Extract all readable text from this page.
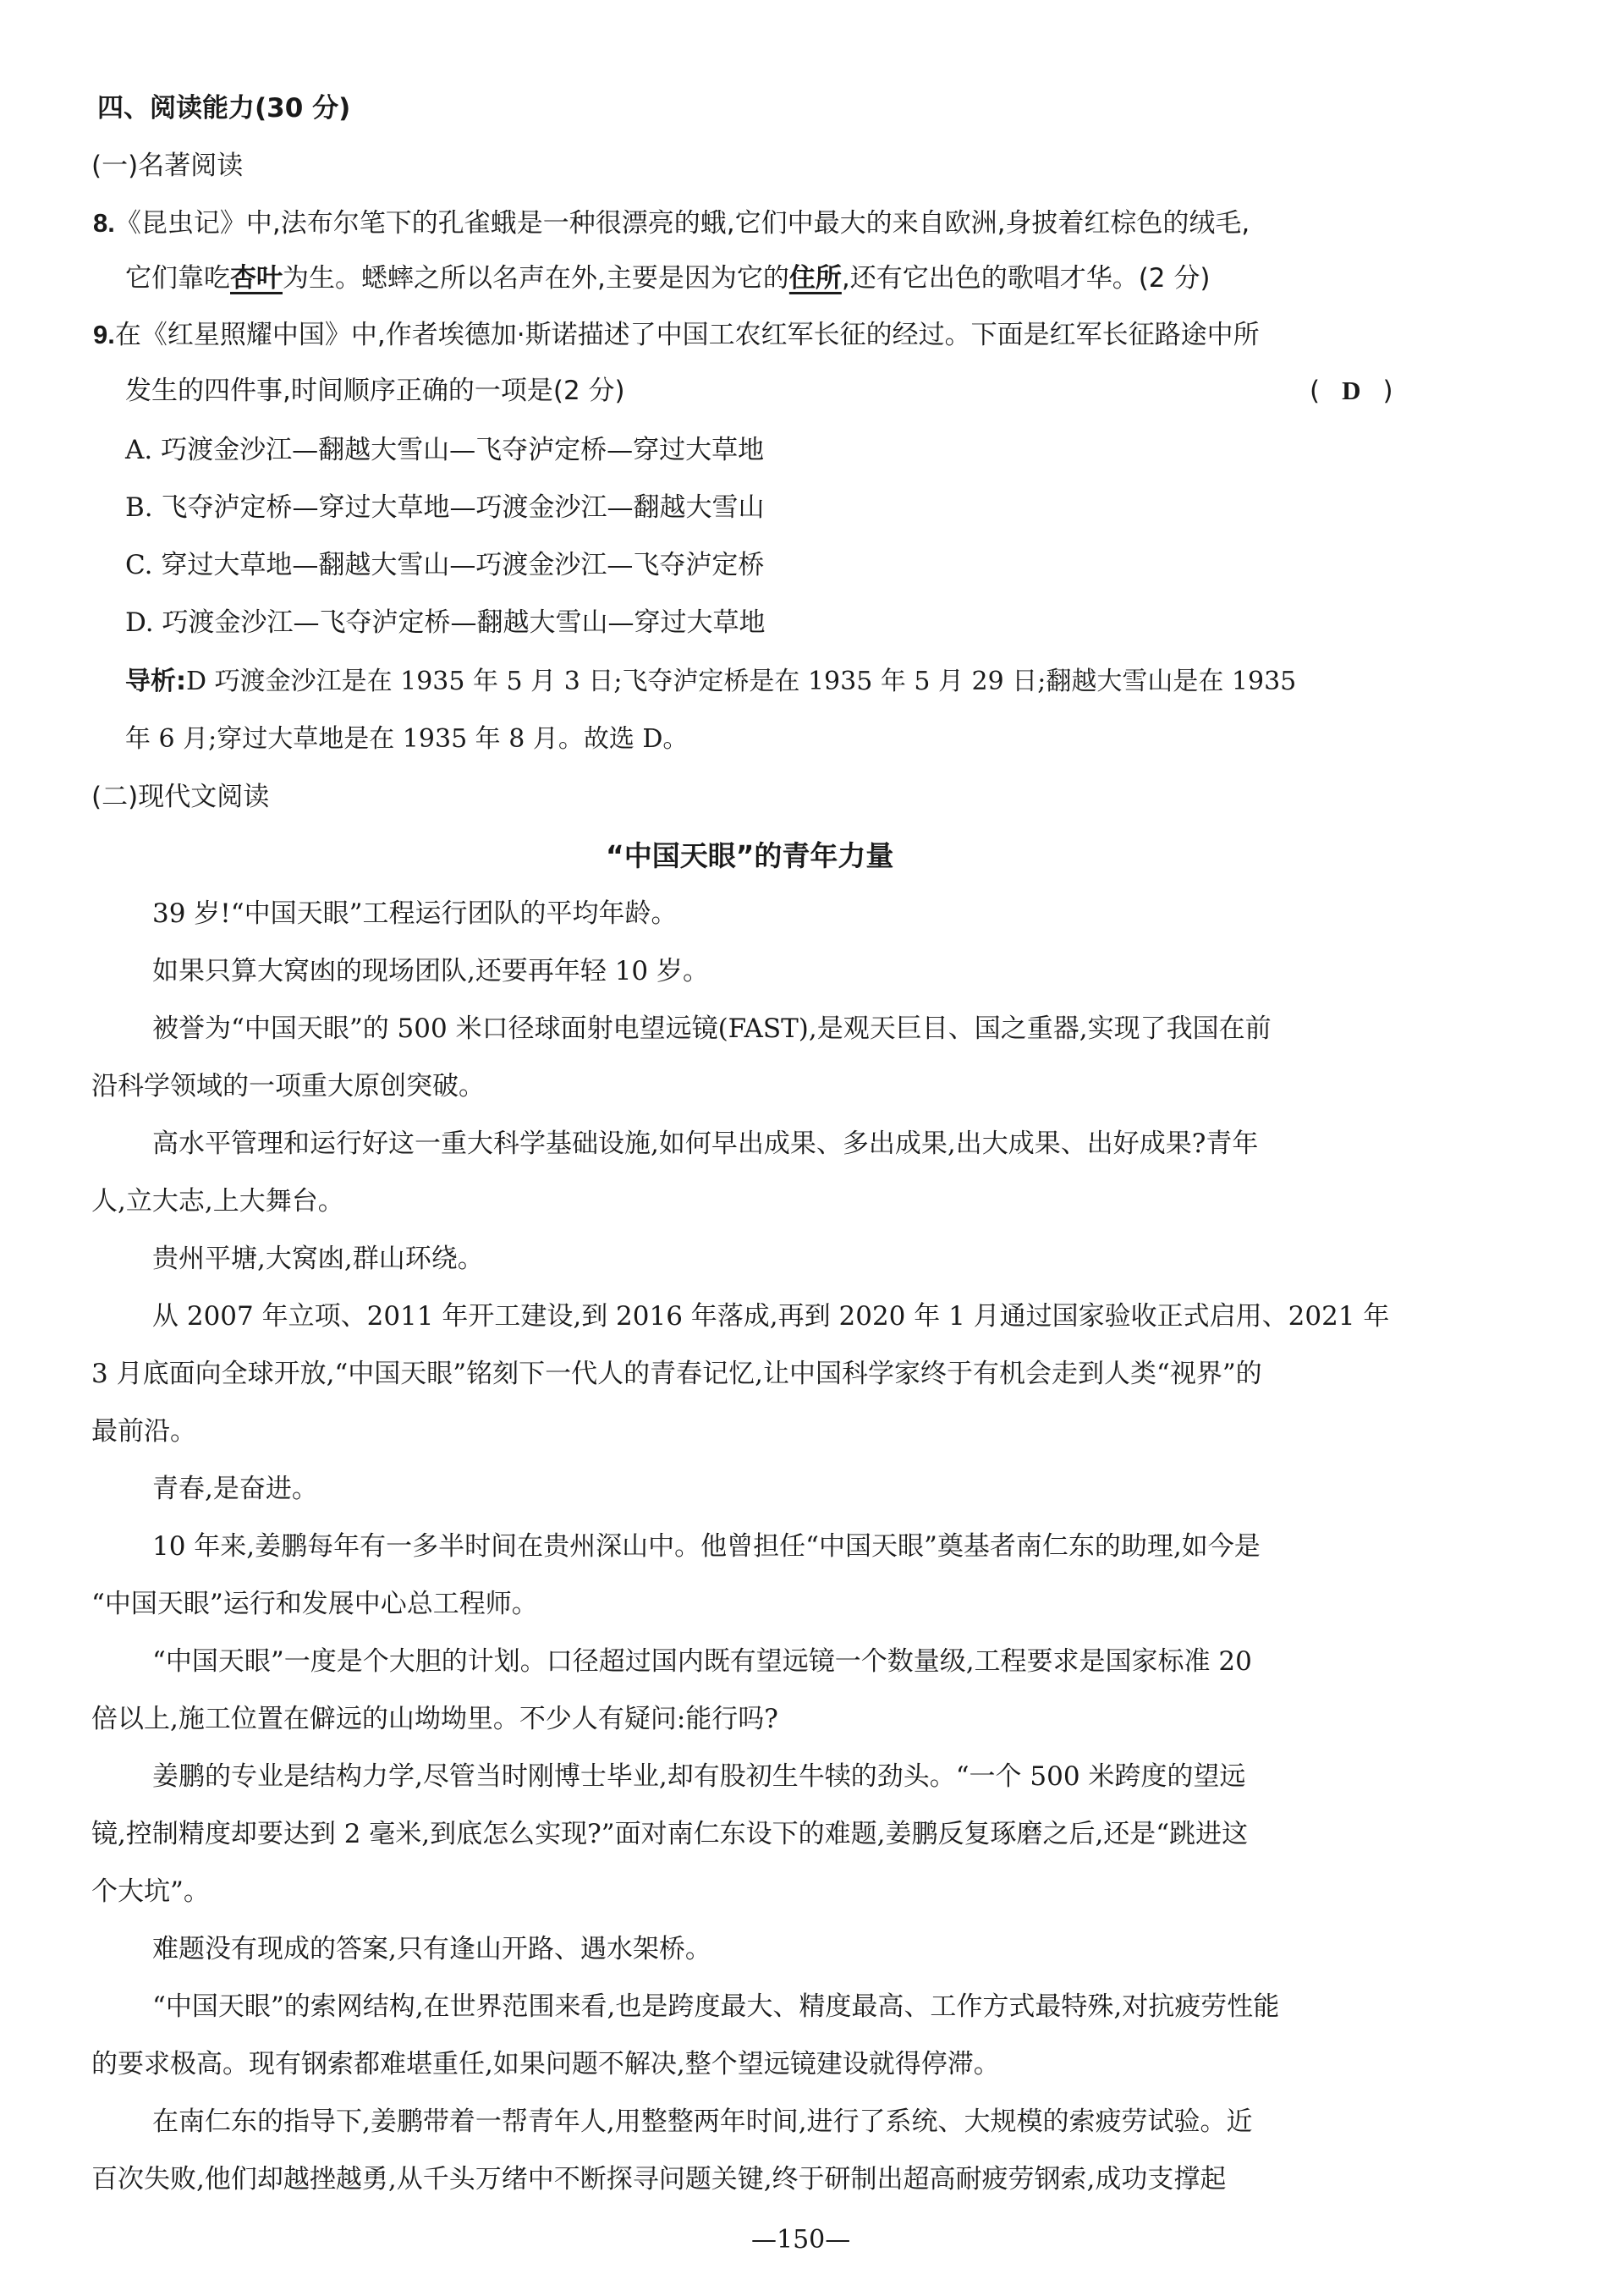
四、阅读能力(30 分)
(一)名著阅读
8.《昆虫记》中,法布尔笔下的孔雀蛾是一种很漂亮的蛾,它们中最大的来自欧洲,身披着红棕色的绒毛,
它们靠吃杏叶为生。蟋蟀之所以名声在外,主要是因为它的住所,还有它出色的歌唱才华。(2 分)
9.在《红星照耀中国》中,作者埃德加·斯诺描述了中国工农红军长征的经过。下面是红军长征路途中所
发生的四件事,时间顺序正确的一项是(2 分)	( D )
A. 巧渡金沙江—翻越大雪山—飞夺泸定桥—穿过大草地
B. 飞夺泸定桥—穿过大草地—巧渡金沙江—翻越大雪山
C. 穿过大草地—翻越大雪山—巧渡金沙江—飞夺泸定桥
D. 巧渡金沙江—飞夺泸定桥—翻越大雪山—穿过大草地
导析:D 巧渡金沙江是在 1935 年 5 月 3 日;飞夺泸定桥是在 1935 年 5 月 29 日;翻越大雪山是在 1935
年 6 月;穿过大草地是在 1935 年 8 月。故选 D。
(二)现代文阅读
“中国天眼”的青年力量
39 岁!“中国天眼”工程运行团队的平均年龄。
如果只算大窝凼的现场团队,还要再年轻 10 岁。
被誉为“中国天眼”的 500 米口径球面射电望远镜(FAST),是观天巨目、国之重器,实现了我国在前
沿科学领域的一项重大原创突破。
高水平管理和运行好这一重大科学基础设施,如何早出成果、多出成果,出大成果、出好成果?青年
人,立大志,上大舞台。
贵州平塘,大窝凼,群山环绕。
从 2007 年立项、2011 年开工建设,到 2016 年落成,再到 2020 年 1 月通过国家验收正式启用、2021 年
3 月底面向全球开放,“中国天眼”铭刻下一代人的青春记忆,让中国科学家终于有机会走到人类“视界”的
最前沿。
青春,是奋进。
10 年来,姜鹏每年有一多半时间在贵州深山中。他曾担任“中国天眼”奠基者南仁东的助理,如今是
“中国天眼”运行和发展中心总工程师。
“中国天眼”一度是个大胆的计划。口径超过国内既有望远镜一个数量级,工程要求是国家标准 20
倍以上,施工位置在僻远的山坳坳里。不少人有疑问:能行吗?
姜鹏的专业是结构力学,尽管当时刚博士毕业,却有股初生牛犊的劲头。“一个 500 米跨度的望远
镜,控制精度却要达到 2 毫米,到底怎么实现?”面对南仁东设下的难题,姜鹏反复琢磨之后,还是“跳进这
个大坑”。
难题没有现成的答案,只有逢山开路、遇水架桥。
“中国天眼”的索网结构,在世界范围来看,也是跨度最大、精度最高、工作方式最特殊,对抗疲劳性能
的要求极高。现有钢索都难堪重任,如果问题不解决,整个望远镜建设就得停滞。
在南仁东的指导下,姜鹏带着一帮青年人,用整整两年时间,进行了系统、大规模的索疲劳试验。近
百次失败,他们却越挫越勇,从千头万绪中不断探寻问题关键,终于研制出超高耐疲劳钢索,成功支撑起
—150—
